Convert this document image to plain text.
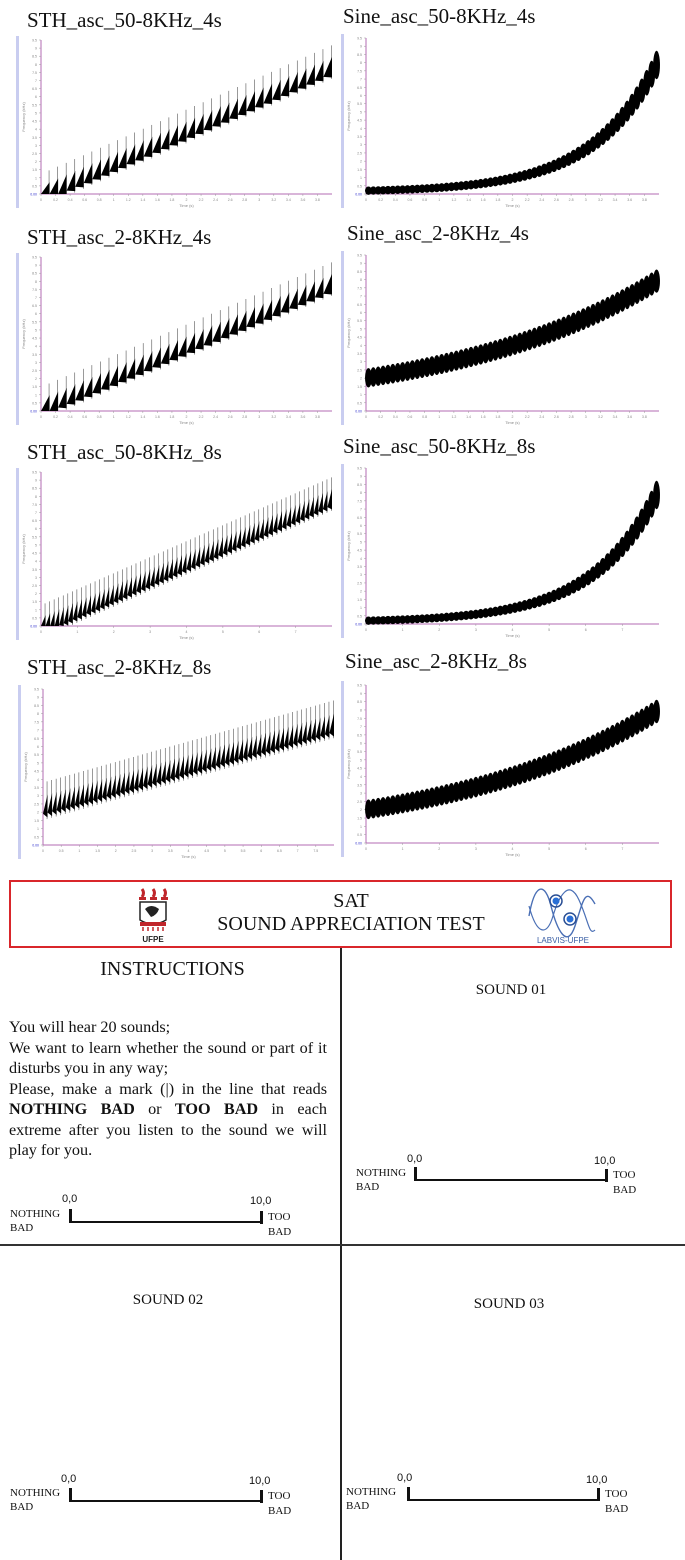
STH_asc_50-8KHz_4s
0.00
0.5
1
1.5
2
2.5
3
3.5
4
4.5
5
5.5
6
6.5
7
7.5
8
8.5
9
9.5
0	0.2	0.4	0.6	0.8	1	1.2	1.4	1.6	1.8	2	2.2	2.4	2.6	2.8	3	3.2	3.4	3.6	3.8
Time (s)
Frequency (kHz)
Sine_asc_50-8KHz_4s
0.00
0.5
1
1.5
2
2.5
3
3.5
4
4.5
5
5.5
6
6.5
7
7.5
8
8.5
9
9.5
0	0.2	0.4	0.6	0.8	1	1.2	1.4	1.6	1.8	2	2.2	2.4	2.6	2.8	3	3.2	3.4	3.6	3.8
Time (s)
Frequency (kHz)
STH_asc_2-8KHz_4s
0.00
0.5
1
1.5
2
2.5
3
3.5
4
4.5
5
5.5
6
6.5
7
7.5
8
8.5
9
9.5
0	0.2	0.4	0.6	0.8	1	1.2	1.4	1.6	1.8	2	2.2	2.4	2.6	2.8	3	3.2	3.4	3.6	3.8
Time (s)
Frequency (kHz)
Sine_asc_2-8KHz_4s
0.00
0.5
1
1.5
2
2.5
3
3.5
4
4.5
5
5.5
6
6.5
7
7.5
8
8.5
9
9.5
0	0.2	0.4	0.6	0.8	1	1.2	1.4	1.6	1.8	2	2.2	2.4	2.6	2.8	3	3.2	3.4	3.6	3.8
Time (s)
Frequency (kHz)
STH_asc_50-8KHz_8s
0.00
0.5
1
1.5
2
2.5
3
3.5
4
4.5
5
5.5
6
6.5
7
7.5
8
8.5
9
9.5
0	1	2	3	4	5	6	7
Time (s)
Frequency (kHz)
Sine_asc_50-8KHz_8s
0.00
0.5
1
1.5
2
2.5
3
3.5
4
4.5
5
5.5
6
6.5
7
7.5
8
8.5
9
9.5
0	1	2	3	4	5	6	7
Time (s)
Frequency (kHz)
STH_asc_2-8KHz_8s
0.00
0.5
1
1.5
2
2.5
3
3.5
4
4.5
5
5.5
6
6.5
7
7.5
8
8.5
9
9.5
0	0.5	1	1.5	2	2.5	3	3.5	4	4.5	5	5.5	6	6.5	7	7.5
Time (s)
Frequency (kHz)
Sine_asc_2-8KHz_8s
0.00
0.5
1
1.5
2
2.5
3
3.5
4
4.5
5
5.5
6
6.5
7
7.5
8
8.5
9
9.5
0	1	2	3	4	5	6	7
Time (s)
Frequency (kHz)
UFPE
SAT
SOUND APPRECIATION TEST
LABVIS-UFPE
INSTRUCTIONS
You will hear 20 sounds;
We want to learn whether the sound or part of it disturbs you in any way;
Please, make a mark (|) in the line that reads NOTHING BAD or TOO BAD in each extreme after you listen to the sound we will play for you.
0,0	10,0
NOTHING
BAD
TOO
BAD
SOUND 01
0,0	10,0
NOTHING
BAD
TOO
BAD
SOUND 02
0,0	10,0
NOTHING
BAD
TOO
BAD
SOUND 03
0,0	10,0
NOTHING
BAD
TOO
BAD
